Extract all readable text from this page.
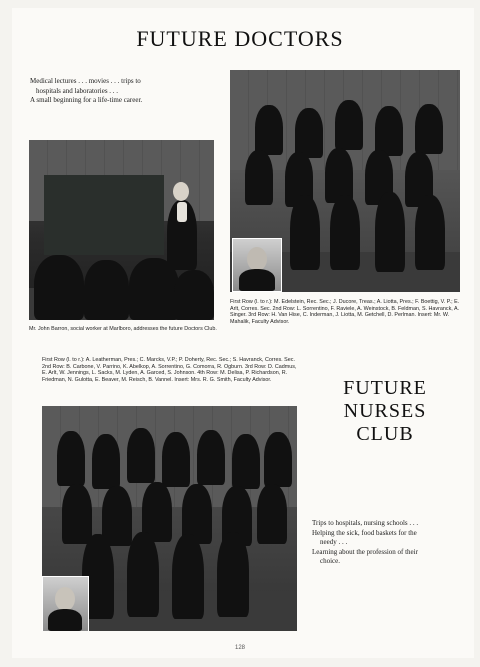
FUTURE DOCTORS
Medical lectures . . . movies . . . trips to
hospitals and laboratories . . .
A small beginning for a life-time career.
Mr. John Barron, social worker at Marlboro, addresses the future Doctors Club.
First Row (l. to r.): M. Edelstein, Rec. Sec.; J. Ducore, Treas.; A. Liotta, Pres.; F. Boettig, V. P.; E. Arlt, Corres. Sec. 2nd Row: L. Sorrentino, F. Raviele, A. Weinstock, B. Feldman, S. Havranck, A. Singer. 3rd Row: H. Van Hise, C. Inderman, J. Liotta, M. Getchell, D. Perlman. Insert: Mr. W. Mahalik, Faculty Advisor.
First Row (l. to r.): A. Leatherman, Pres.; C. Marcks, V.P.; P. Doherty, Rec. Sec.; S. Havranck, Corres. Sec. 2nd Row: B. Carbone, V. Parrino, K. Abelkop, A. Sorrentino, G. Comorra, R. Ogburn. 3rd Row: D. Cadmus, E. Arlt, W. Jennings, L. Sacks, M. Lyden, A. Garced, S. Johnson. 4th Row: M. Delisa, P. Richardson, R. Friedman, N. Gulotta, E. Beaver, M. Reisch, B. Vannel. Insert: Mrs. R. G. Smith, Faculty Advisor.	FUTURE
NURSES
CLUB
Trips to hospitals, nursing schools . . .
Helping the sick, food baskets for the
needy . . .
Learning about the profession of their
choice.
128
